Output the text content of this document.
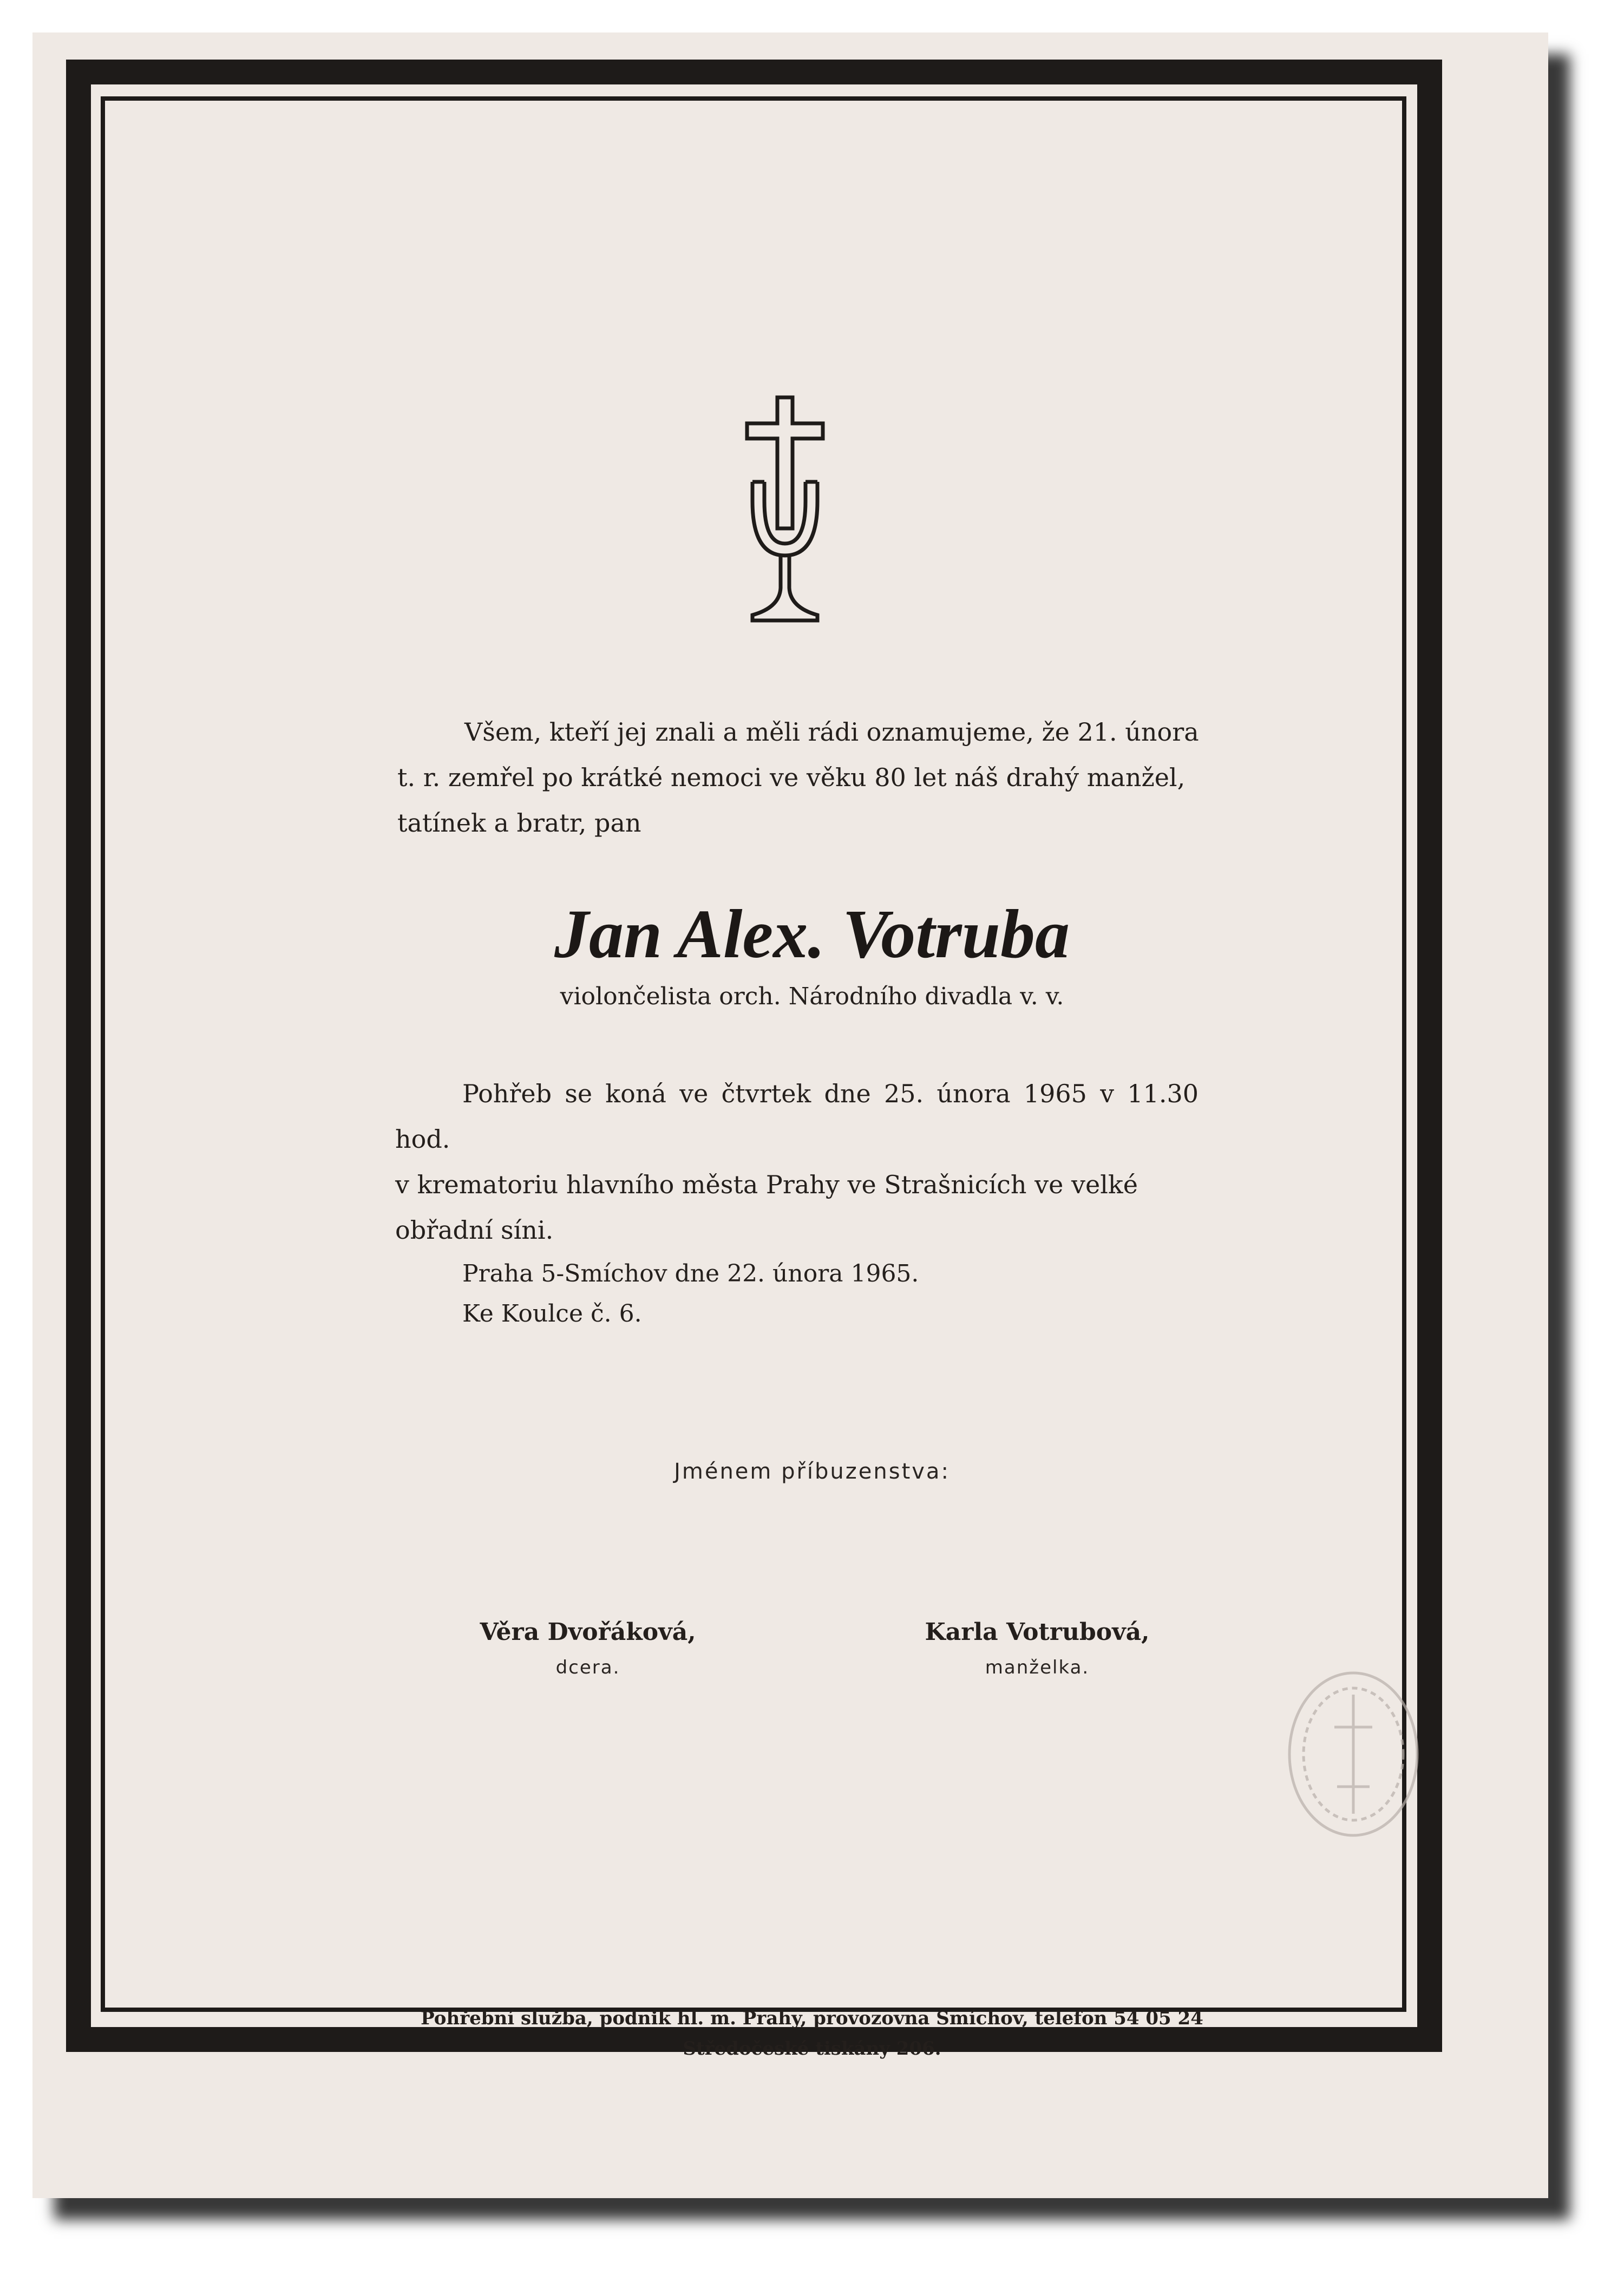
Všem, kteří jej znali a měli rádi oznamujeme, že 21. února
t. r. zemřel po krátké nemoci ve věku 80 let náš drahý manžel,
tatínek a bratr, pan
Jan Alex. Votruba
violončelista orch. Národního divadla v. v.
Pohřeb se koná ve čtvrtek dne 25. února 1965 v 11.30 hod.
v krematoriu hlavního města Prahy ve Strašnicích ve velké
obřadní síni.
Praha 5-Smíchov dne 22. února 1965.
Ke Koulce č. 6.
Jménem příbuzenstva:
Věra Dvořáková,
dcera.
Karla Votrubová,
manželka.
Pohřební služba, podnik hl. m. Prahy, provozovna Smíchov, telefon 54 05 24
Středočeské tiskány 206.
